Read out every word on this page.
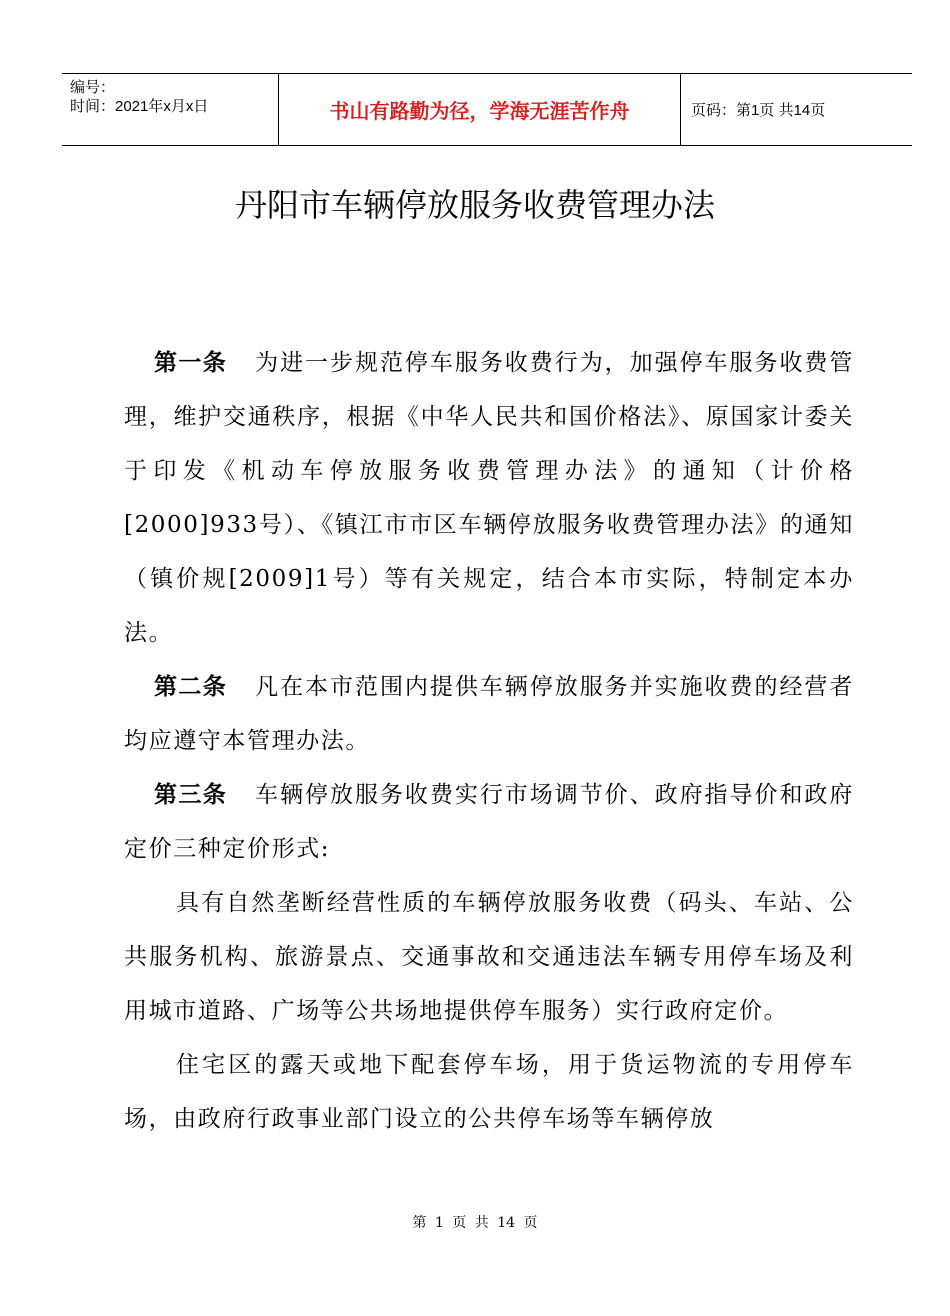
编号：
时间：2021年x月x日	书山有路勤为径，学海无涯苦作舟	页码：第1页 共14页
丹阳市车辆停放服务收费管理办法

第一条 为进一步规范停车服务收费行为，加强停车服务收费管理，维护交通秩序，根据《中华人民共和国价格法》、原国家计委关于印发《机动车停放服务收费管理办法》的通知（计价格[2000]933号）、《镇江市市区车辆停放服务收费管理办法》的通知（镇价规[2009]1号）等有关规定，结合本市实际，特制定本办法。

第二条 凡在本市范围内提供车辆停放服务并实施收费的经营者均应遵守本管理办法。

第三条 车辆停放服务收费实行市场调节价、政府指导价和政府定价三种定价形式:

具有自然垄断经营性质的车辆停放服务收费（码头、车站、公共服务机构、旅游景点、交通事故和交通违法车辆专用停车场及利用城市道路、广场等公共场地提供停车服务）实行政府定价。

住宅区的露天或地下配套停车场，用于货运物流的专用停车场，由政府行政事业部门设立的公共停车场等车辆停放

第 1 页 共 14 页
